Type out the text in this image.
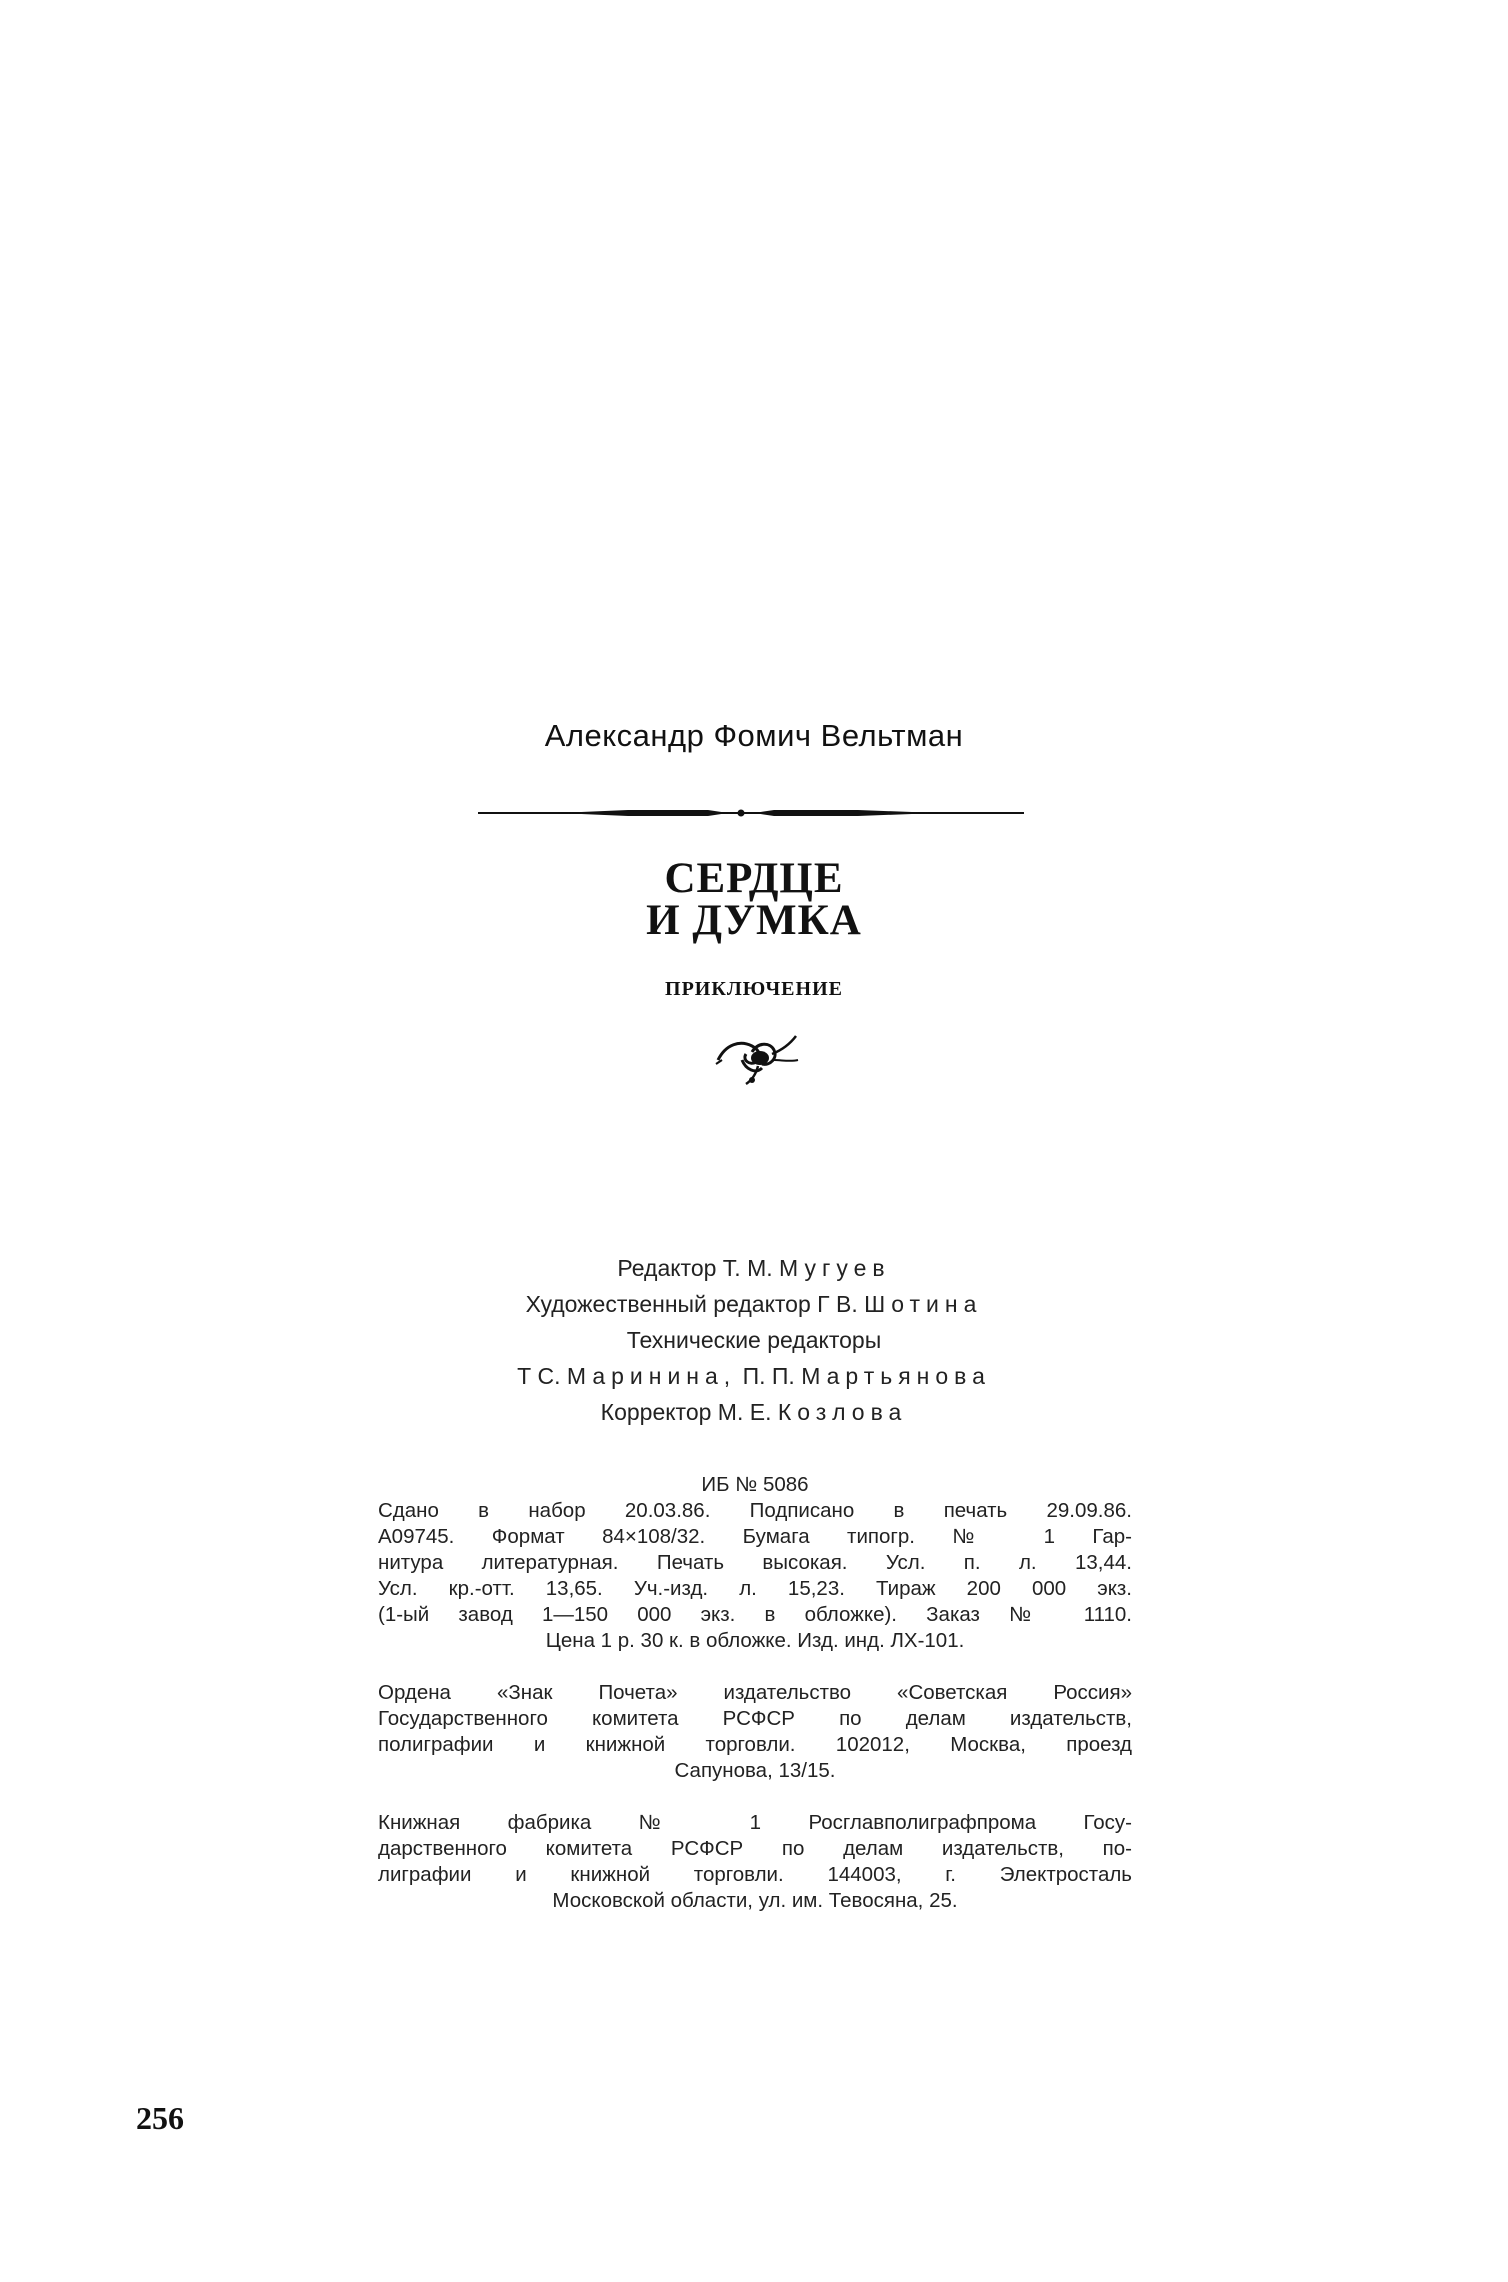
Александр Фомич Вельтман
СЕРДЦЕ
И ДУМКА
ПРИКЛЮЧЕНИЕ
Редактор Т. М. Мугуев
Художественный редактор Г В. Шотина
Технические редакторы
Т С. Маринина, П. П. Мартьянова
Корректор М. Е. Козлова
ИБ № 5086
Сдано в набор 20.03.86. Подписано в печать 29.09.86.
А09745. Формат 84×108/32. Бумага типогр. № 1 Гар-
нитура литературная. Печать высокая. Усл. п. л. 13,44.
Усл. кр.-отт. 13,65. Уч.-изд. л. 15,23. Тираж 200 000 экз.
(1-ый завод 1—150 000 экз. в обложке). Заказ № 1110.
Цена 1 р. 30 к. в обложке. Изд. инд. ЛХ-101.
Ордена «Знак Почета» издательство «Советская Россия»
Государственного комитета РСФСР по делам издательств,
полиграфии и книжной торговли. 102012, Москва, проезд
Сапунова, 13/15.
Книжная фабрика № 1 Росглавполиграфпрома Госу-
дарственного комитета РСФСР по делам издательств, по-
лиграфии и книжной торговли. 144003, г. Электросталь
Московской области, ул. им. Тевосяна, 25.
256
